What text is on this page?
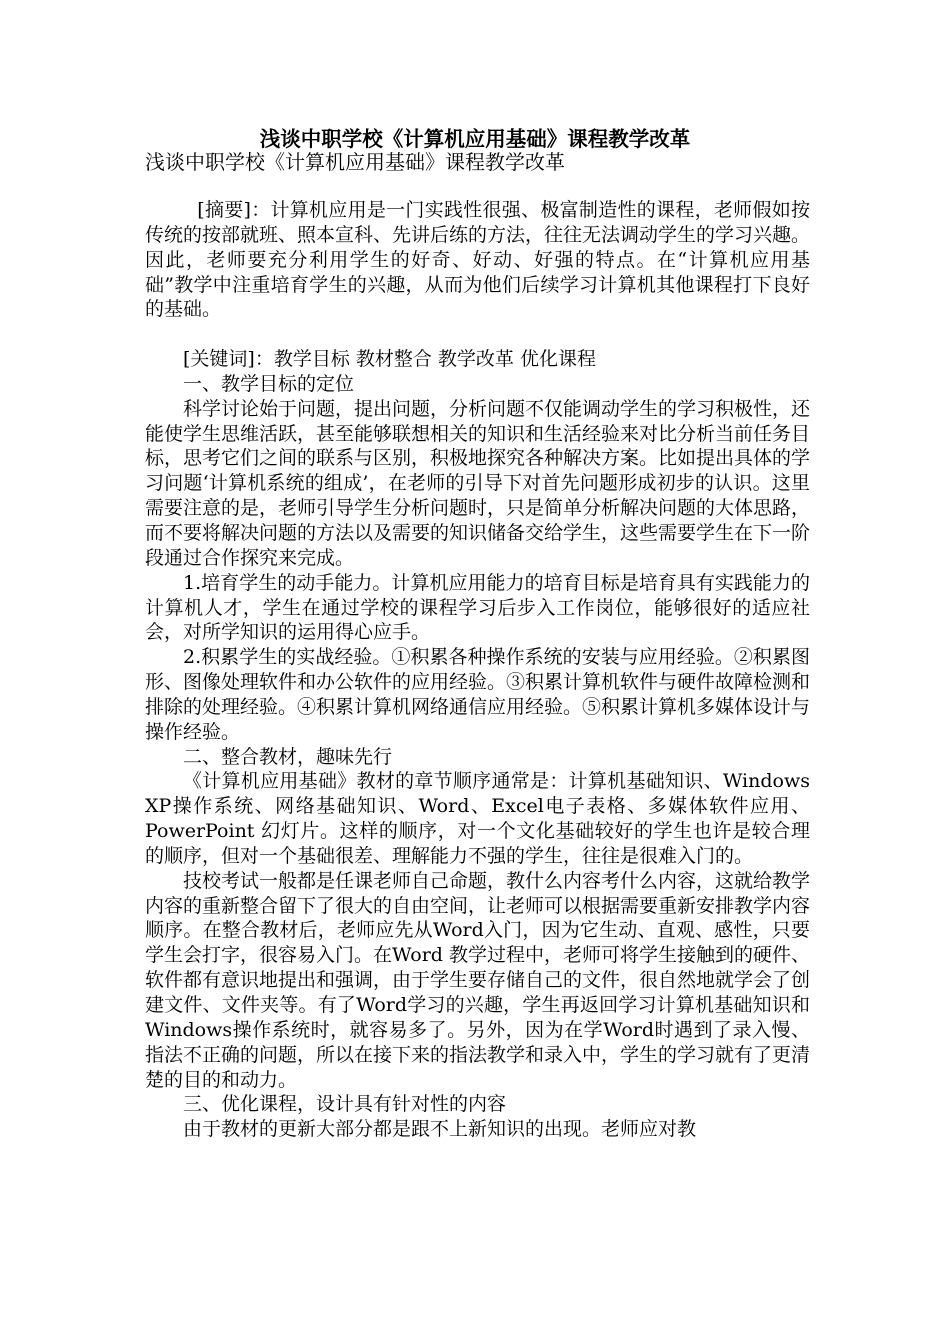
浅谈中职学校《计算机应用基础》课程教学改革
浅谈中职学校《计算机应用基础》课程教学改革

[摘要]：计算机应用是一门实践性很强、极富制造性的课程，老师假如按传统的按部就班、照本宣科、先讲后练的方法，往往无法调动学生的学习兴趣。因此，老师要充分利用学生的好奇、好动、好强的特点。在“计算机应用基础”教学中注重培育学生的兴趣，从而为他们后续学习计算机其他课程打下良好的基础。

[关键词]：教学目标 教材整合 教学改革 优化课程

一、教学目标的定位

科学讨论始于问题，提出问题，分析问题不仅能调动学生的学习积极性，还能使学生思维活跃，甚至能够联想相关的知识和生活经验来对比分析当前任务目标，思考它们之间的联系与区别，积极地探究各种解决方案。比如提出具体的学习问题‘计算机系统的组成’，在老师的引导下对首先问题形成初步的认识。这里需要注意的是，老师引导学生分析问题时，只是简单分析解决问题的大体思路，而不要将解决问题的方法以及需要的知识储备交给学生，这些需要学生在下一阶段通过合作探究来完成。

1.培育学生的动手能力。计算机应用能力的培育目标是培育具有实践能力的计算机人才，学生在通过学校的课程学习后步入工作岗位，能够很好的适应社会，对所学知识的运用得心应手。

2.积累学生的实战经验。①积累各种操作系统的安装与应用经验。②积累图形、图像处理软件和办公软件的应用经验。③积累计算机软件与硬件故障检测和排除的处理经验。④积累计算机网络通信应用经验。⑤积累计算机多媒体设计与操作经验。

二、整合教材，趣味先行

《计算机应用基础》教材的章节顺序通常是：计算机基础知识、Windows XP操作系统、网络基础知识、Word、Excel电子表格、多媒体软件应用、PowerPoint 幻灯片。这样的顺序，对一个文化基础较好的学生也许是较合理的顺序，但对一个基础很差、理解能力不强的学生，往往是很难入门的。

技校考试一般都是任课老师自己命题，教什么内容考什么内容，这就给教学内容的重新整合留下了很大的自由空间，让老师可以根据需要重新安排教学内容顺序。在整合教材后，老师应先从Word入门，因为它生动、直观、感性，只要学生会打字，很容易入门。在Word 教学过程中，老师可将学生接触到的硬件、软件都有意识地提出和强调，由于学生要存储自己的文件，很自然地就学会了创建文件、文件夹等。有了Word学习的兴趣，学生再返回学习计算机基础知识和Windows操作系统时，就容易多了。另外，因为在学Word时遇到了录入慢、指法不正确的问题，所以在接下来的指法教学和录入中，学生的学习就有了更清楚的目的和动力。

三、优化课程，设计具有针对性的内容

由于教材的更新大部分都是跟不上新知识的出现。老师应对教
